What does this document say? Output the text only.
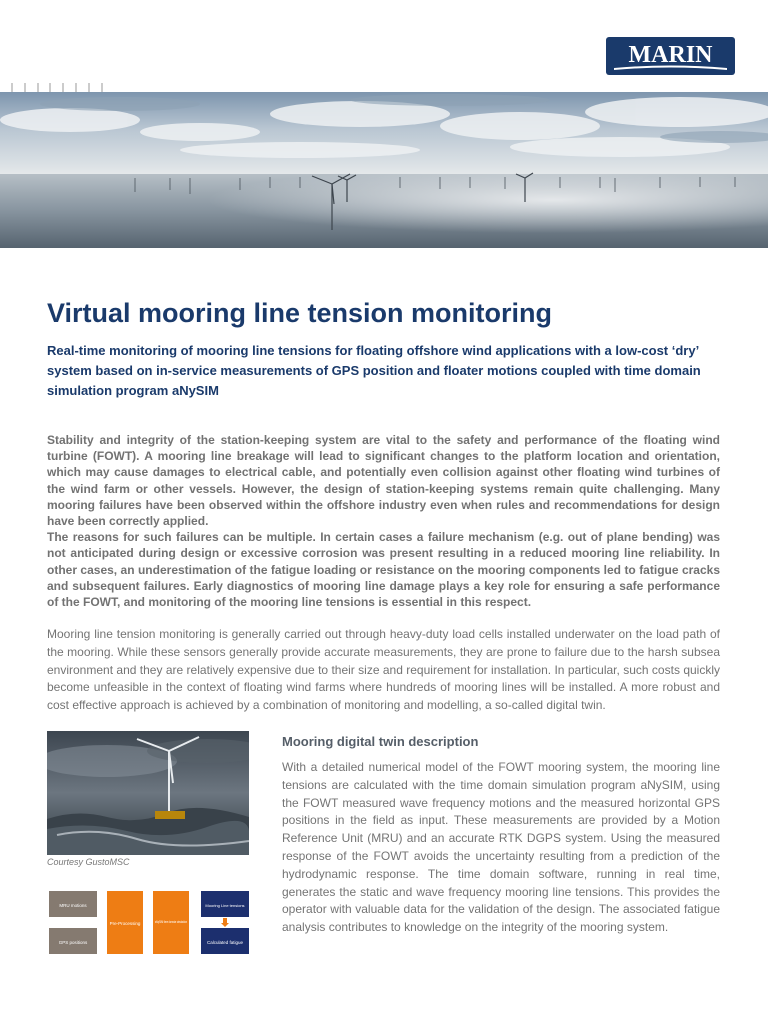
MARIN
Virtual mooring line tension monitoring

Real-time monitoring of mooring line tensions for floating offshore wind applications with a low-cost ‘dry’ system based on in-service measurements of GPS position and floater motions coupled with time domain simulation program aNySIM

Stability and integrity of the station-keeping system are vital to the safety and performance of the floating wind turbine (FOWT). A mooring line breakage will lead to significant changes to the platform location and orientation, which may cause damages to electrical cable, and potentially even collision against other floating wind turbines of the wind farm or other vessels. However, the design of station-keeping systems remain quite challenging. Many mooring failures have been observed within the offshore industry even when rules and recommendations for design have been correctly applied.

The reasons for such failures can be multiple. In certain cases a failure mechanism (e.g. out of plane bending) was not anticipated during design or excessive corrosion was present resulting in a reduced mooring line reliability. In other cases, an underestimation of the fatigue loading or resistance on the mooring components led to fatigue cracks and subsequent failures. Early diagnostics of mooring line damage plays a key role for ensuring a safe performance of the FOWT, and monitoring of the mooring line tensions is essential in this respect.

Mooring line tension monitoring is generally carried out through heavy-duty load cells installed underwater on the load path of the mooring. While these sensors generally provide accurate measurements, they are prone to failure due to the harsh subsea environment and they are relatively expensive due to their size and requirement for installation. In particular, such costs quickly become unfeasible in the context of floating wind farms where hundreds of mooring lines will be installed. A more robust and cost effective approach is achieved by a combination of monitoring and modelling, a so-called digital twin.

Courtesy GustoMSC

MRU motions
GPS positions
Pre-Processing	aNySIM time domain simulation
Mooring Line tensions
Calculated fatigue
Mooring digital twin description

With a detailed numerical model of the FOWT mooring system, the mooring line tensions are calculated with the time domain simulation program aNySIM, using the FOWT measured wave frequency motions and the measured horizontal GPS positions in the field as input. These measurements are provided by a Motion Reference Unit (MRU) and an accurate RTK DGPS system. Using the measured response of the FOWT avoids the uncertainty resulting from a prediction of the hydrodynamic response. The time domain software, running in real time, generates the static and wave frequency mooring line tensions. This provides the operator with valuable data for the validation of the design. The associated fatigue analysis contributes to knowledge on the integrity of the mooring system.
